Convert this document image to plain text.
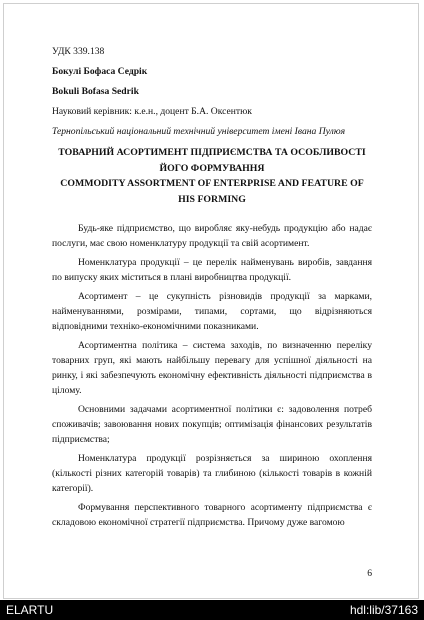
УДК 339.138

Бокулі Бофаса Седрік

Bokuli Bofasa Sedrik

Науковий керівник: к.е.н., доцент Б.А. Оксентюк

Тернопільський національний технічний університет імені Івана Пулюя

ТОВАРНИЙ АСОРТИМЕНТ ПІДПРИЄМСТВА ТА ОСОБЛИВОСТІ

ЙОГО ФОРМУВАННЯ

COMMODITY ASSORTMENT OF ENTERPRISE AND FEATURE OF

HIS FORMING

Будь-яке підприємство, що виробляє яку-небудь продукцію або надає послуги, має свою номенклатуру продукції та свій асортимент.

Номенклатура продукції – це перелік найменувань виробів, завдання по випуску яких міститься в плані виробництва продукції.

Асортимент – це сукупність різновидів продукції за марками, найменуваннями, розмірами, типами, сортами, що відрізняються відповідними техніко-економічними показниками.

Асортиментна політика – система заходів, по визначенню переліку товарних груп, які мають найбільшу перевагу для успішної діяльності на ринку, і які забезпечують економічну ефективність діяльності підприємства в цілому.

Основними задачами асортиментної політики є: задоволення потреб споживачів; завоювання нових покупців; оптимізація фінансових результатів підприємства;

Номенклатура продукції розрізняється за шириною охоплення (кількості різних категорій товарів) та глибиною (кількості товарів в кожній категорії).

Формування перспективного товарного асортименту підприємства є складовою економічної стратегії підприємства. Причому дуже вагомою

6
ELARTU	hdl:lib/37163
